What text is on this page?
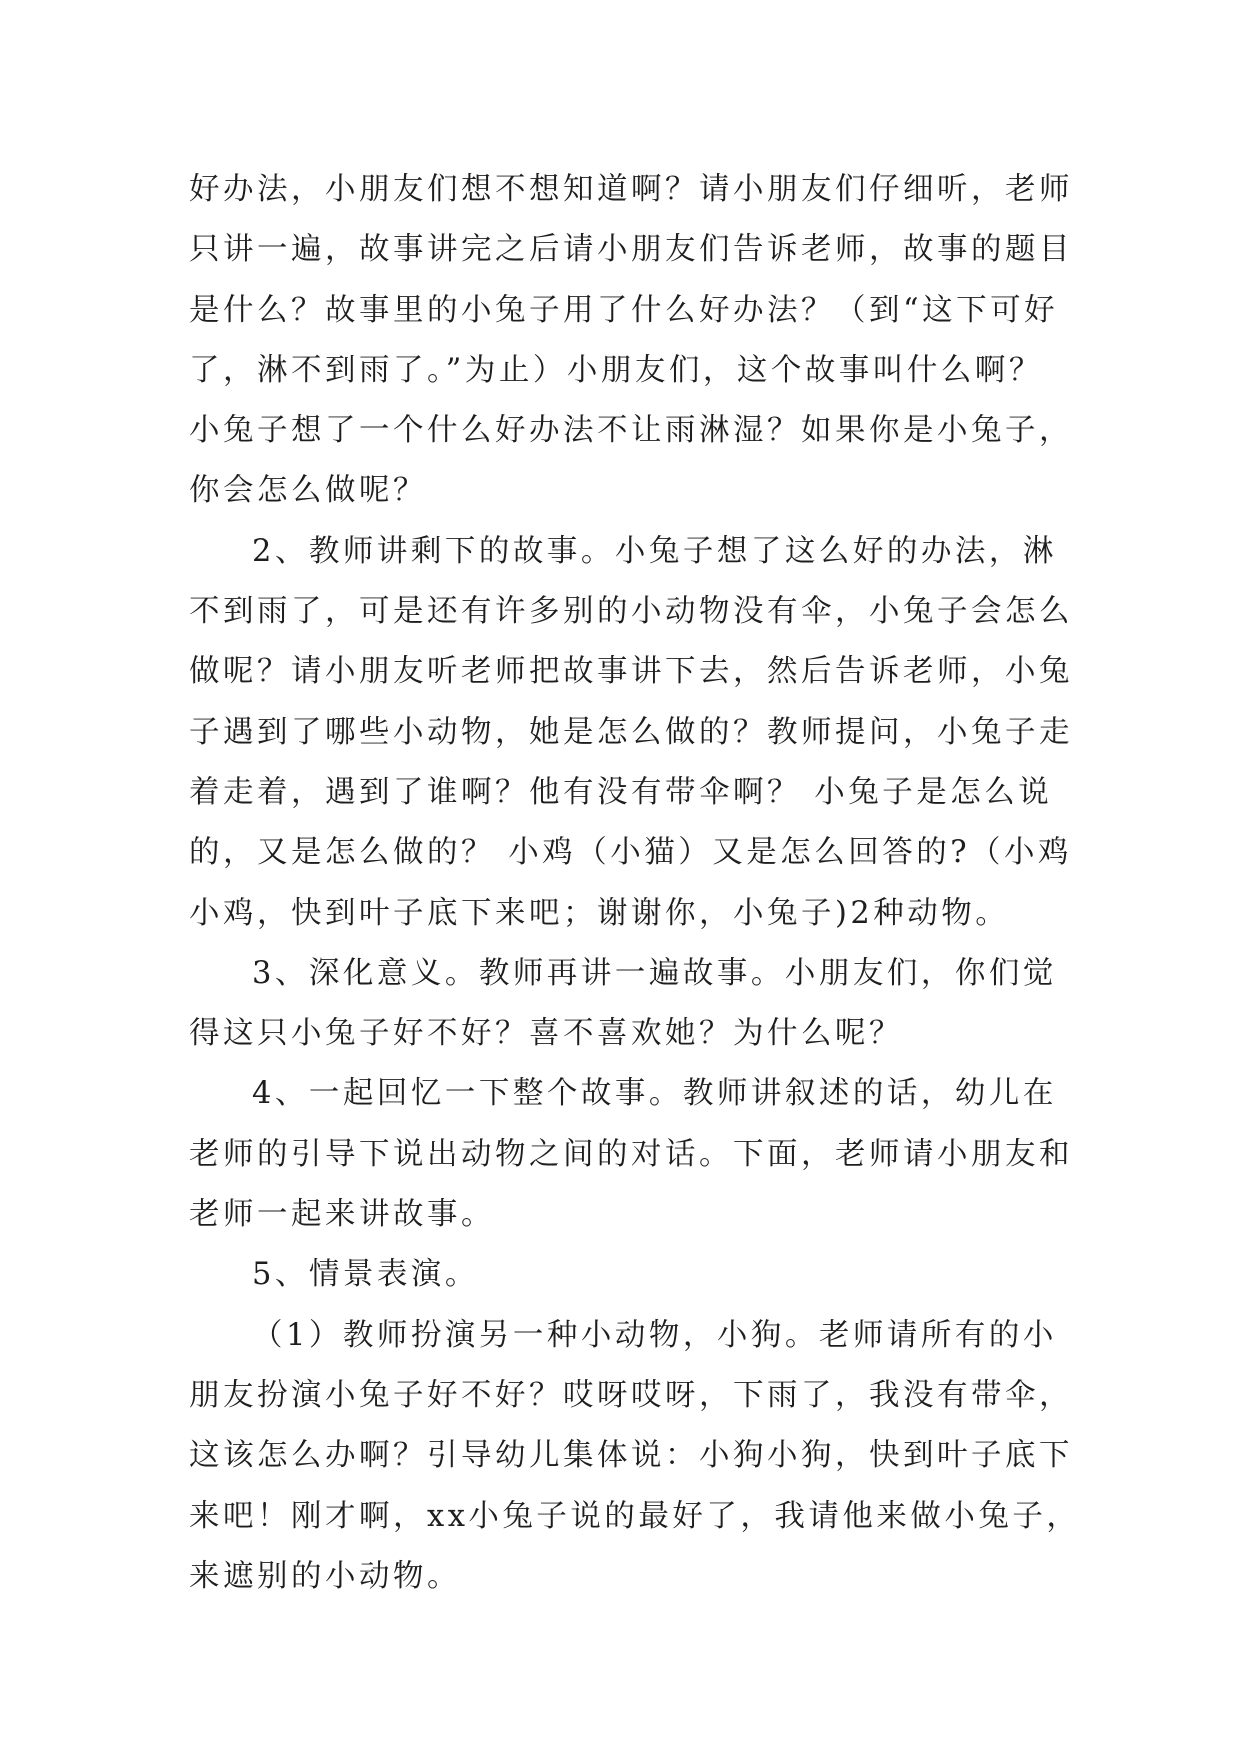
好办法，小朋友们想不想知道啊？请小朋友们仔细听，老师
只讲一遍，故事讲完之后请小朋友们告诉老师，故事的题目
是什么？故事里的小兔子用了什么好办法？（到“这下可好
了，淋不到雨了。”为止）小朋友们，这个故事叫什么啊？
小兔子想了一个什么好办法不让雨淋湿？如果你是小兔子，
你会怎么做呢？

2、教师讲剩下的故事。小兔子想了这么好的办法，淋
不到雨了，可是还有许多别的小动物没有伞，小兔子会怎么
做呢？请小朋友听老师把故事讲下去，然后告诉老师，小兔
子遇到了哪些小动物，她是怎么做的？教师提问，小兔子走
着走着，遇到了谁啊？他有没有带伞啊？ 小兔子是怎么说
的，又是怎么做的？ 小鸡（小猫）又是怎么回答的?（小鸡
小鸡，快到叶子底下来吧；谢谢你，小兔子)2种动物。

3、深化意义。教师再讲一遍故事。小朋友们，你们觉
得这只小兔子好不好？喜不喜欢她？为什么呢？

4、一起回忆一下整个故事。教师讲叙述的话，幼儿在
老师的引导下说出动物之间的对话。下面，老师请小朋友和
老师一起来讲故事。

5、情景表演。

（1）教师扮演另一种小动物，小狗。老师请所有的小
朋友扮演小兔子好不好？哎呀哎呀，下雨了，我没有带伞，
这该怎么办啊？引导幼儿集体说：小狗小狗，快到叶子底下
来吧！刚才啊，xx小兔子说的最好了，我请他来做小兔子，
来遮别的小动物。
